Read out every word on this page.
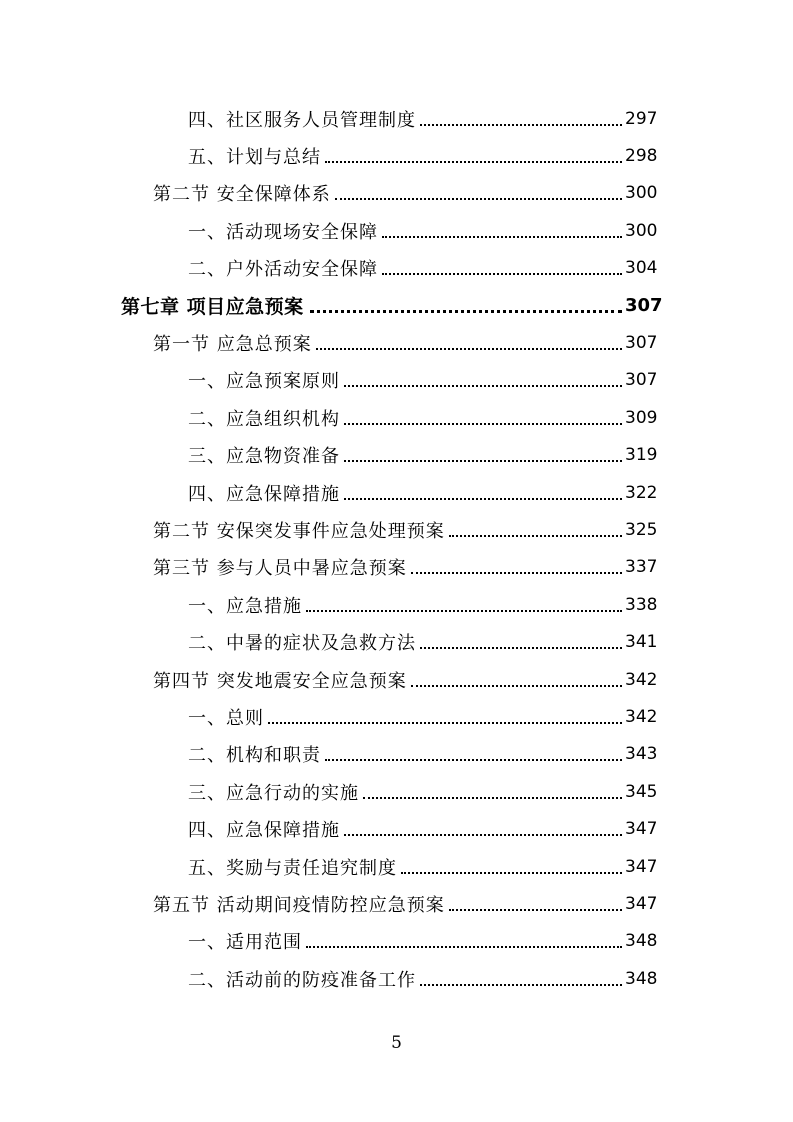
四、社区服务人员管理制度	297
五、计划与总结	298
第二节 安全保障体系	300
一、活动现场安全保障	300
二、户外活动安全保障	304
第七章 项目应急预案	307
第一节 应急总预案	307
一、应急预案原则	307
二、应急组织机构	309
三、应急物资准备	319
四、应急保障措施	322
第二节 安保突发事件应急处理预案	325
第三节 参与人员中暑应急预案	337
一、应急措施	338
二、中暑的症状及急救方法	341
第四节 突发地震安全应急预案	342
一、总则	342
二、机构和职责	343
三、应急行动的实施	345
四、应急保障措施	347
五、奖励与责任追究制度	347
第五节 活动期间疫情防控应急预案	347
一、适用范围	348
二、活动前的防疫准备工作	348
5
